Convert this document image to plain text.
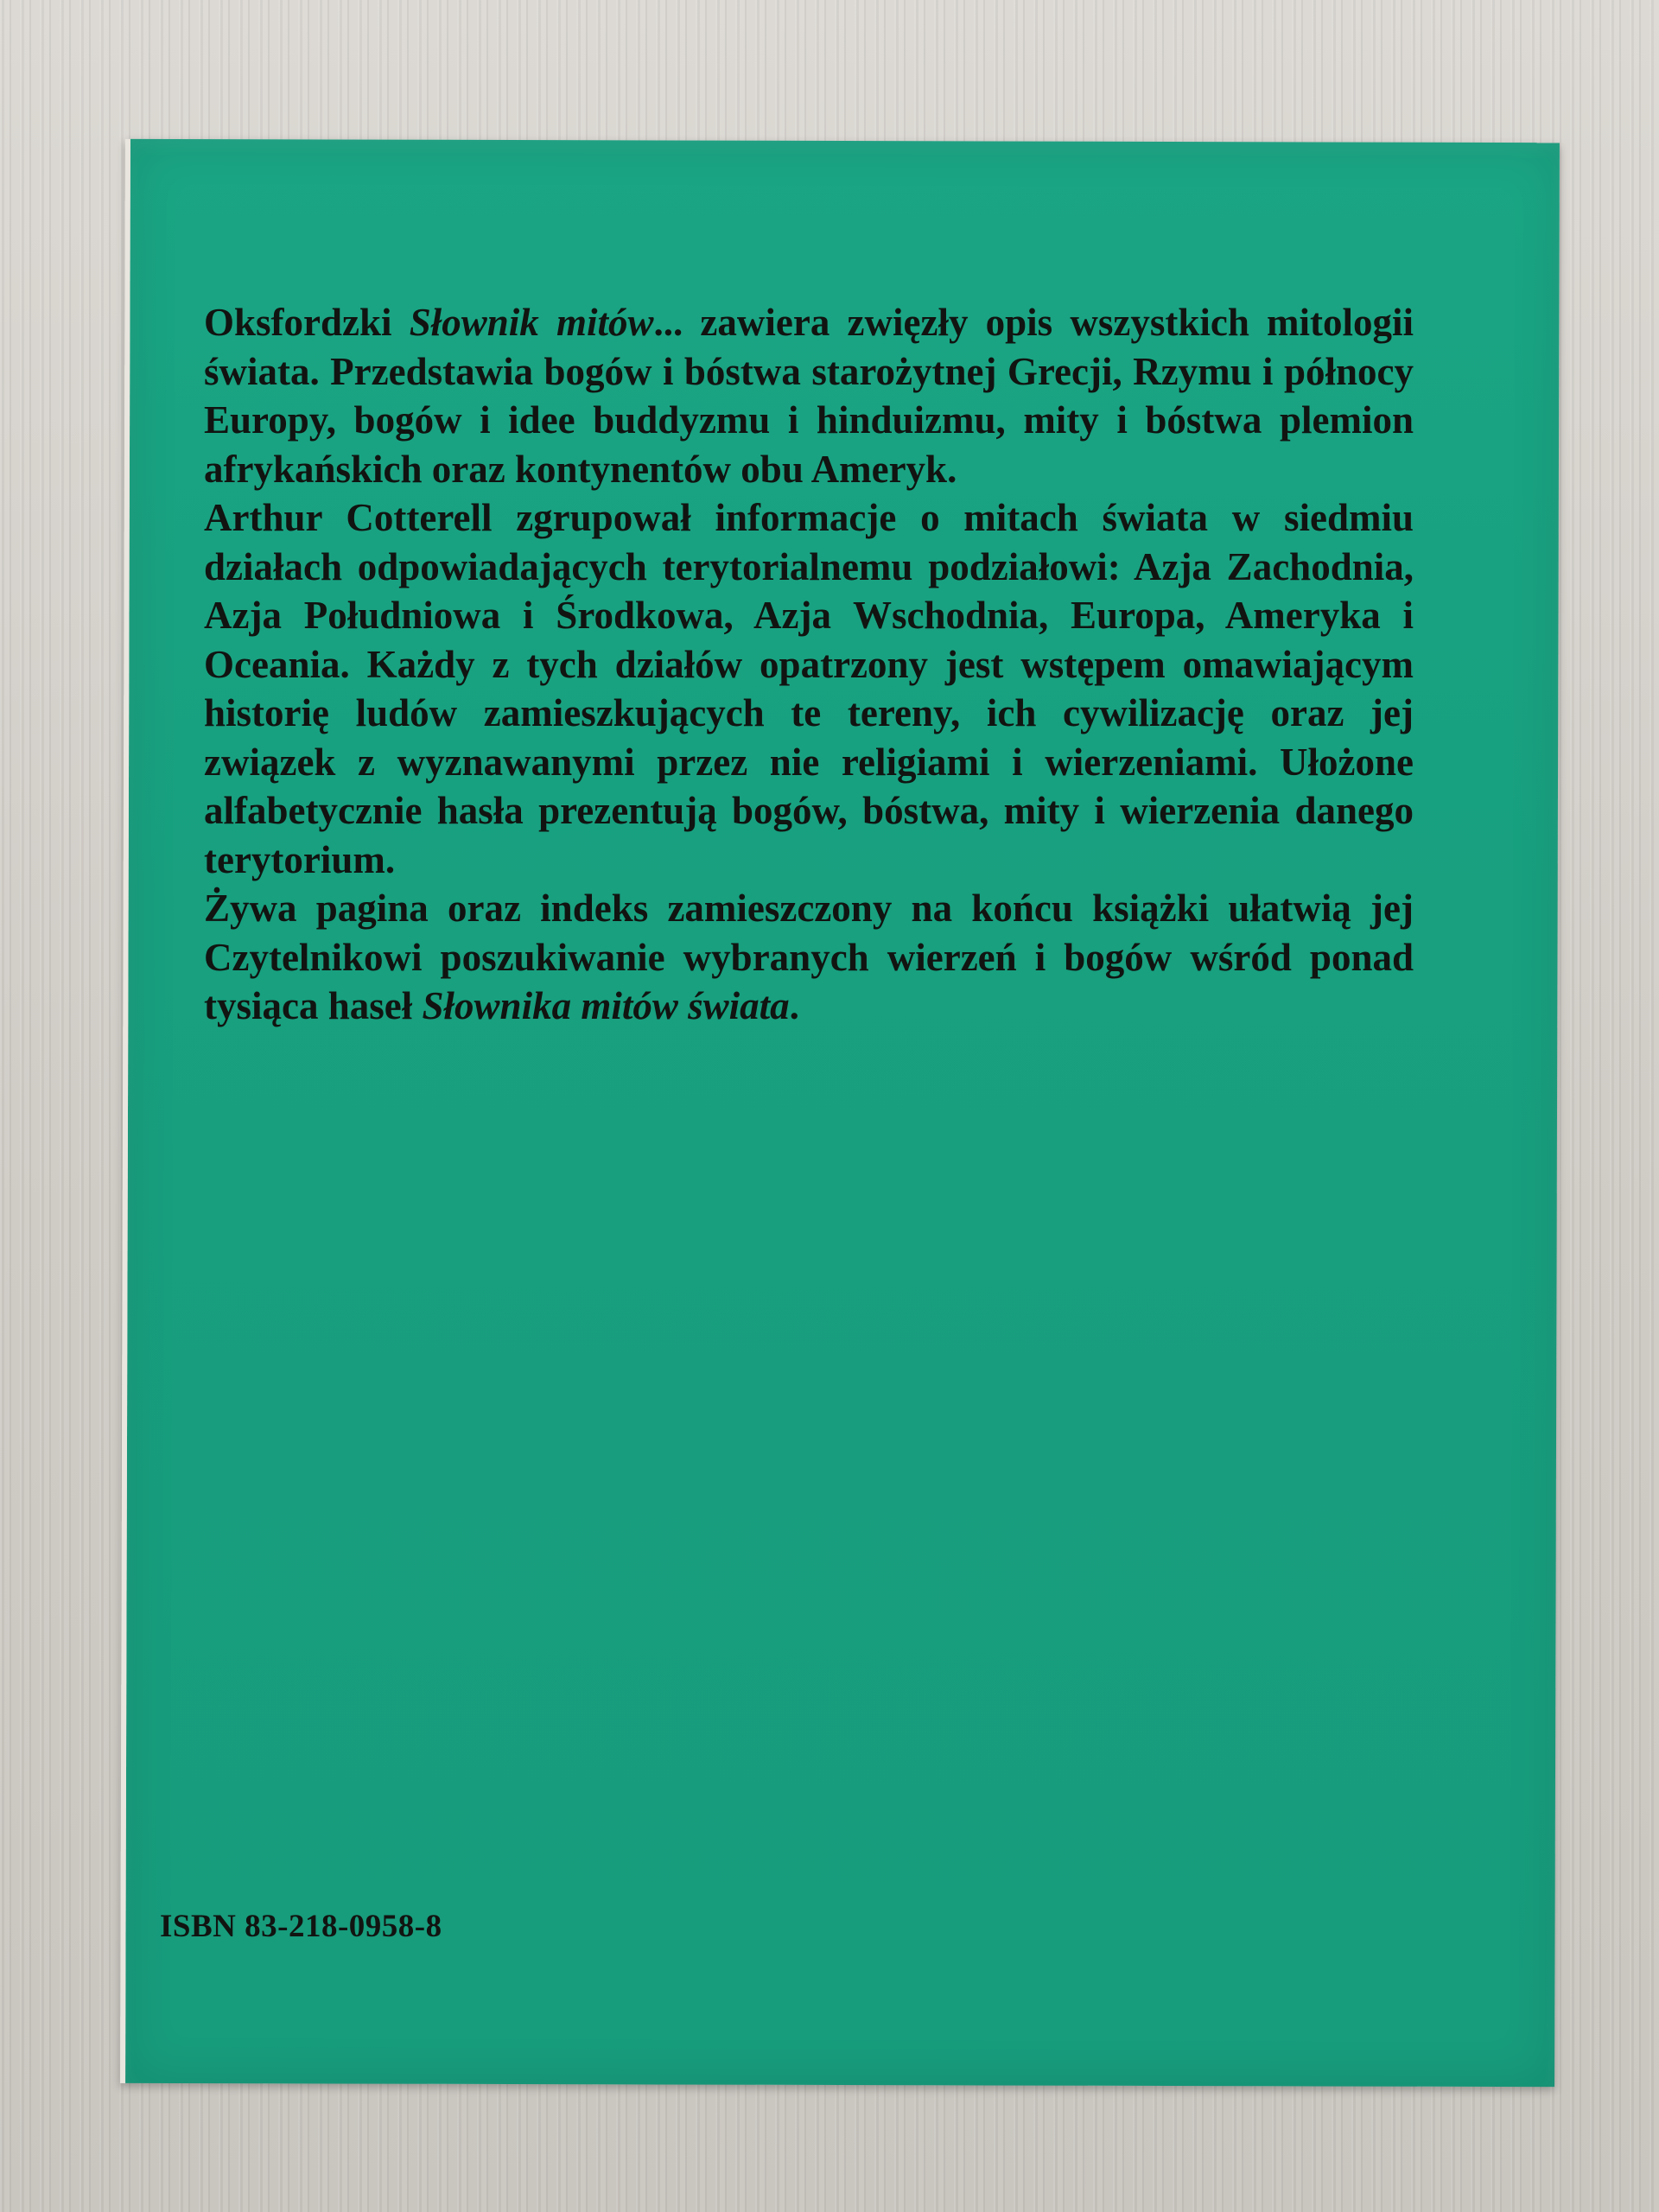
Oksfordzki Słownik mitów... zawiera zwięzły opis wszystkich mitologii świata. Przedstawia bogów i bóstwa starożytnej Grecji, Rzymu i północy Europy, bogów i idee buddyzmu i hinduizmu, mity i bóstwa plemion afrykańskich oraz kontynentów obu Ameryk.

Arthur Cotterell zgrupował informacje o mitach świata w siedmiu działach odpowiadających terytorialnemu podziałowi: Azja Zachodnia, Azja Południowa i Środkowa, Azja Wschodnia, Europa, Ameryka i Oceania. Każdy z tych działów opatrzony jest wstępem omawiającym historię ludów zamieszkujących te tereny, ich cywilizację oraz jej związek z wyznawanymi przez nie religiami i wierzeniami. Ułożone alfabetycznie hasła prezentują bogów, bóstwa, mity i wierzenia danego terytorium.

Żywa pagina oraz indeks zamieszczony na końcu książki ułatwią jej Czytelnikowi poszukiwanie wybranych wierzeń i bogów wśród ponad tysiąca haseł Słownika mitów świata.

ISBN 83-218-0958-8
